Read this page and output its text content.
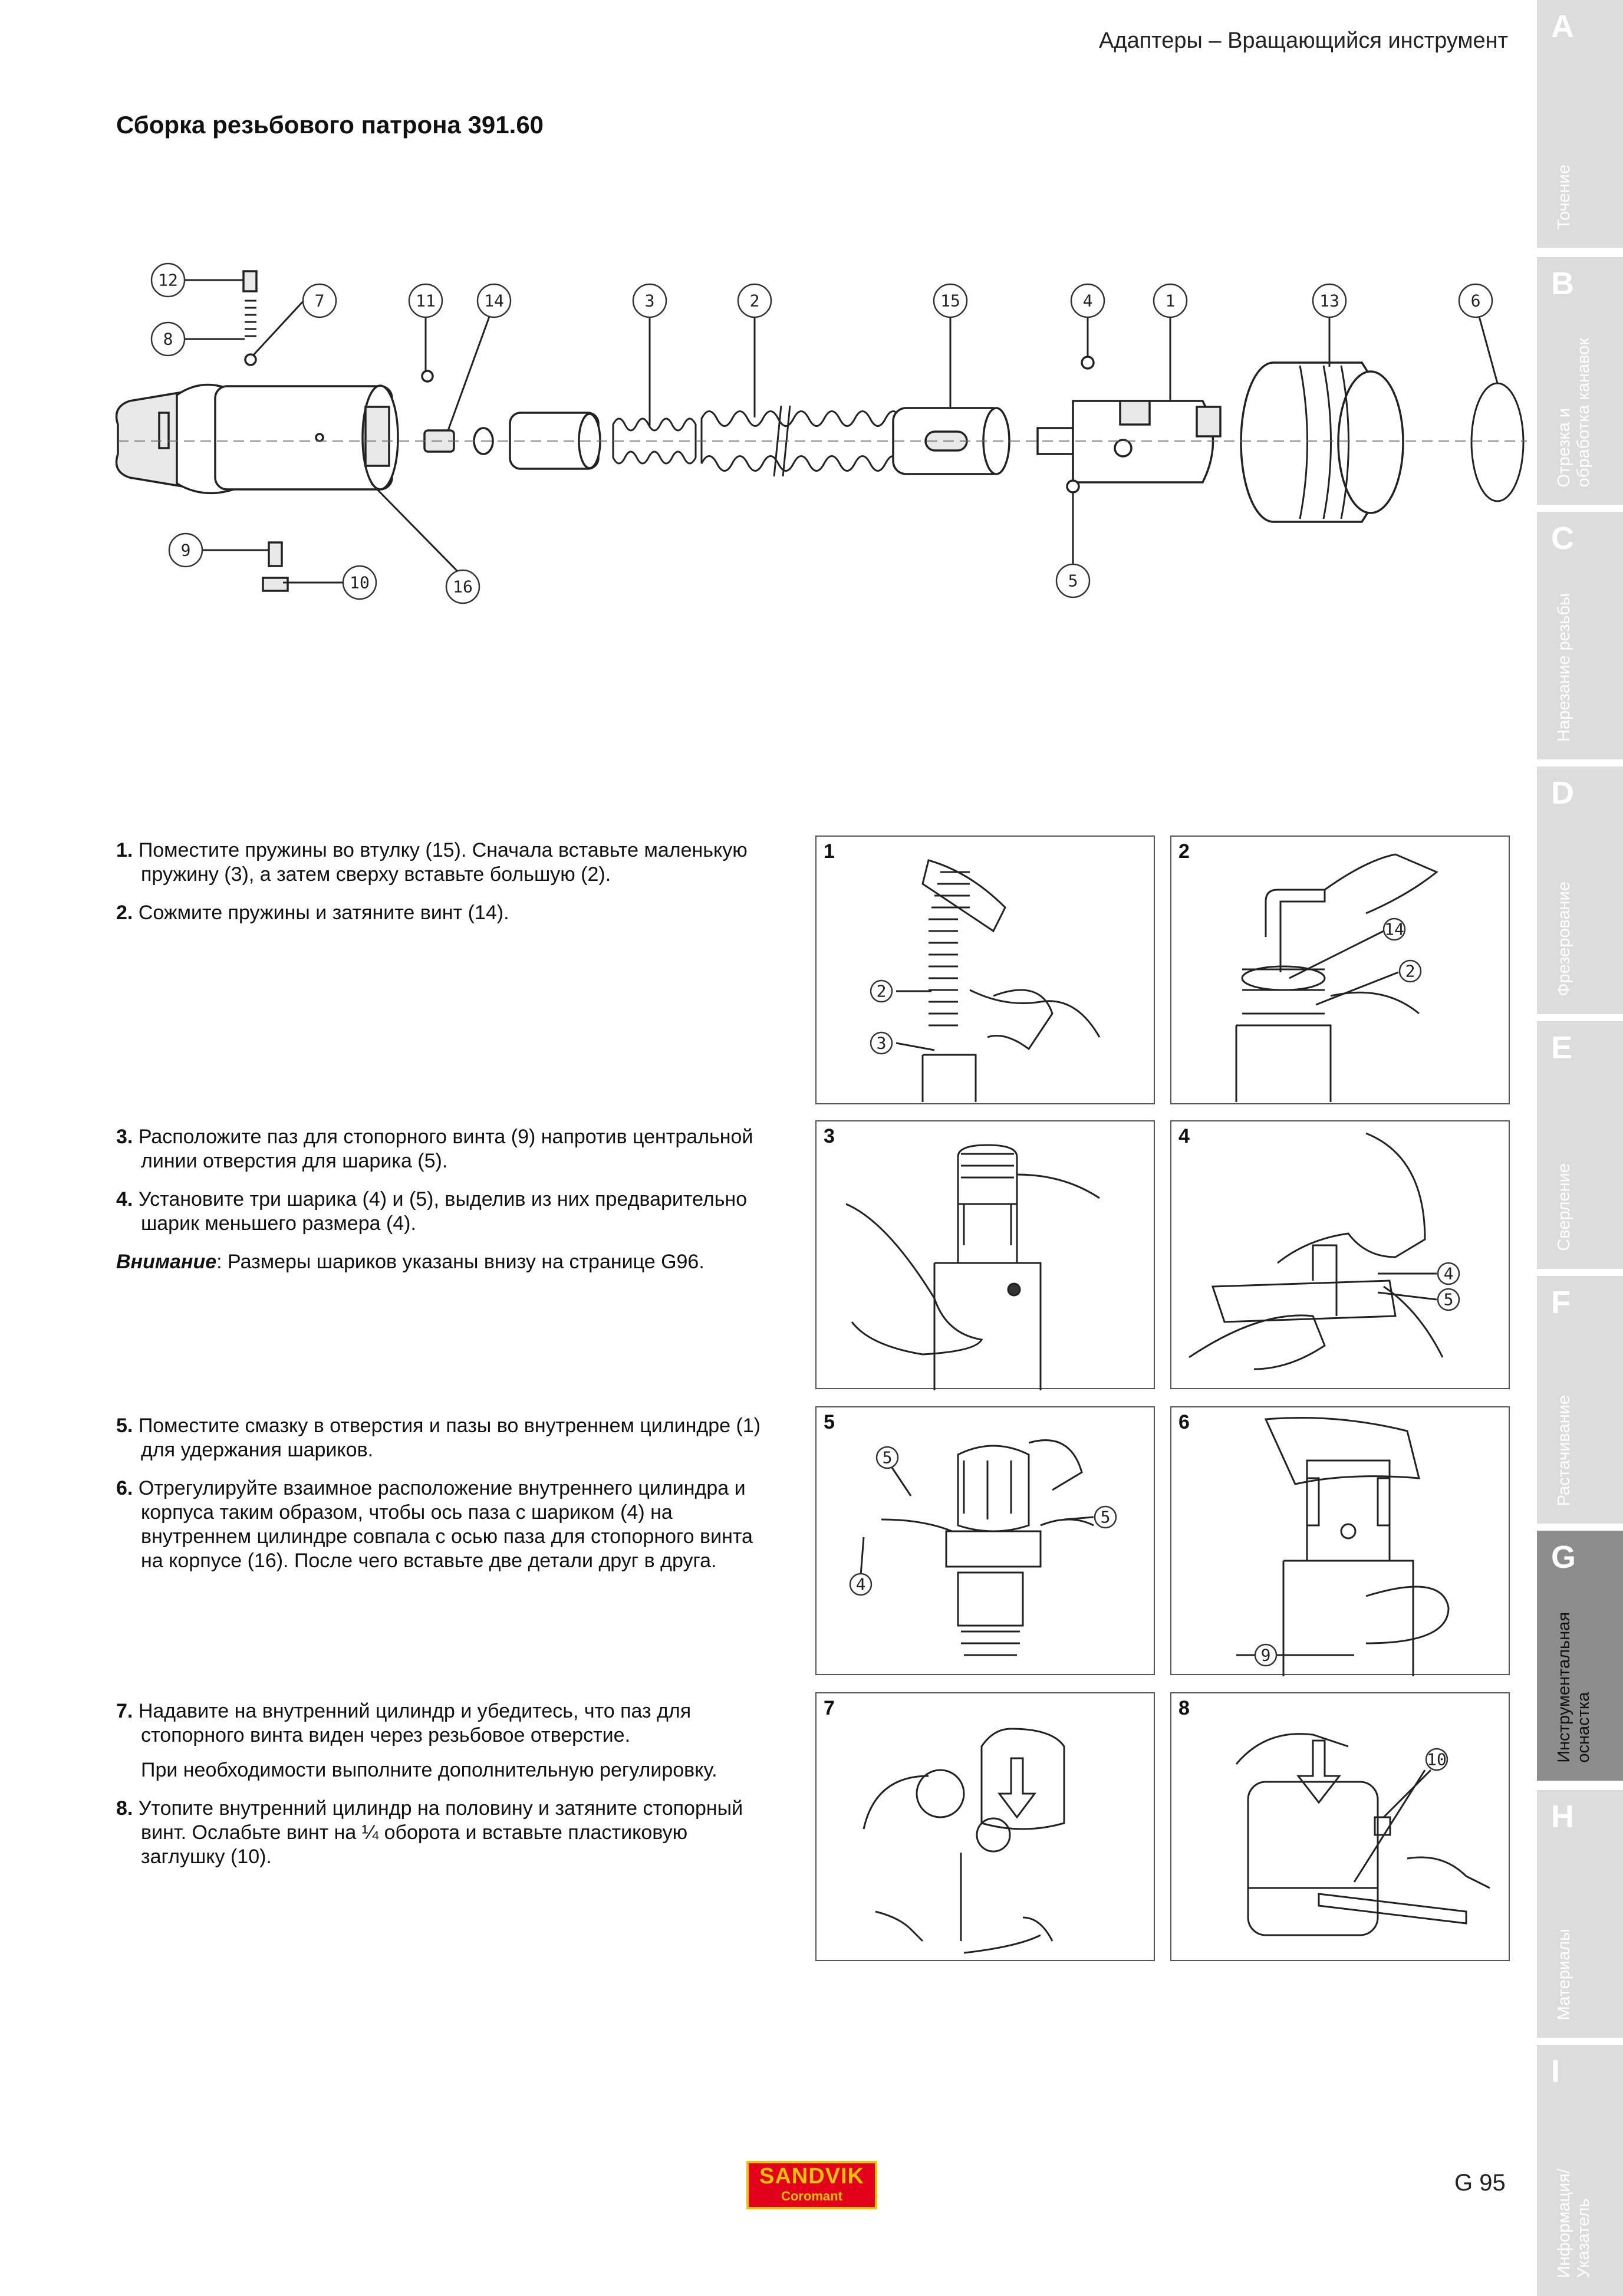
Адаптеры – Вращающийся инструмент
Сборка резьбового патрона 391.60
12
8
7	11	14	3	2	15	4	1	13	6
9
10	16	5

1. Поместите пружины во втулку (15). Сначала вставьте маленькую пружину (3), а затем сверху вставьте большую (2).

2. Сожмите пружины и затяните винт (14).

3. Расположите паз для стопорного винта (9) напротив центральной линии отверстия для шарика (5).

4. Установите три шарика (4) и (5), выделив из них предварительно шарик меньшего размера (4).

Внимание: Размеры шариков указаны внизу на странице G96.

5. Поместите смазку в отверстия и пазы во внутреннем цилиндре (1) для удержания шариков.

6. Отрегулируйте взаимное расположение внутреннего цилиндра и корпуса таким образом, чтобы ось паза с шариком (4) на внутреннем цилиндре совпала с осью паза для стопорного винта на корпусе (16). После чего вставьте две детали друг в друга.

7. Надавите на внутренний цилиндр и убедитесь, что паз для стопорного винта виден через резьбовое отверстие.

При необходимости выполните дополнительную регулировку.

8. Утопите внутренний цилиндр на половину и затяните стопорный винт. Ослабьте винт на ¼ оборота и вставьте пластиковую заглушку (10).

1
2
3
2
14
2
3	4
4
5
5
5
5
4
6
9
7	8
10
A
Точение
B
Отрезка и
обработка канавок
C
Нарезание резьбы
D
Фрезерование
E
Сверление
F
Растачивание
G
Инструментальная
оснастка
H
Материалы
I
Информация/
Указатель
SANDVIK
Coromant
G 95
